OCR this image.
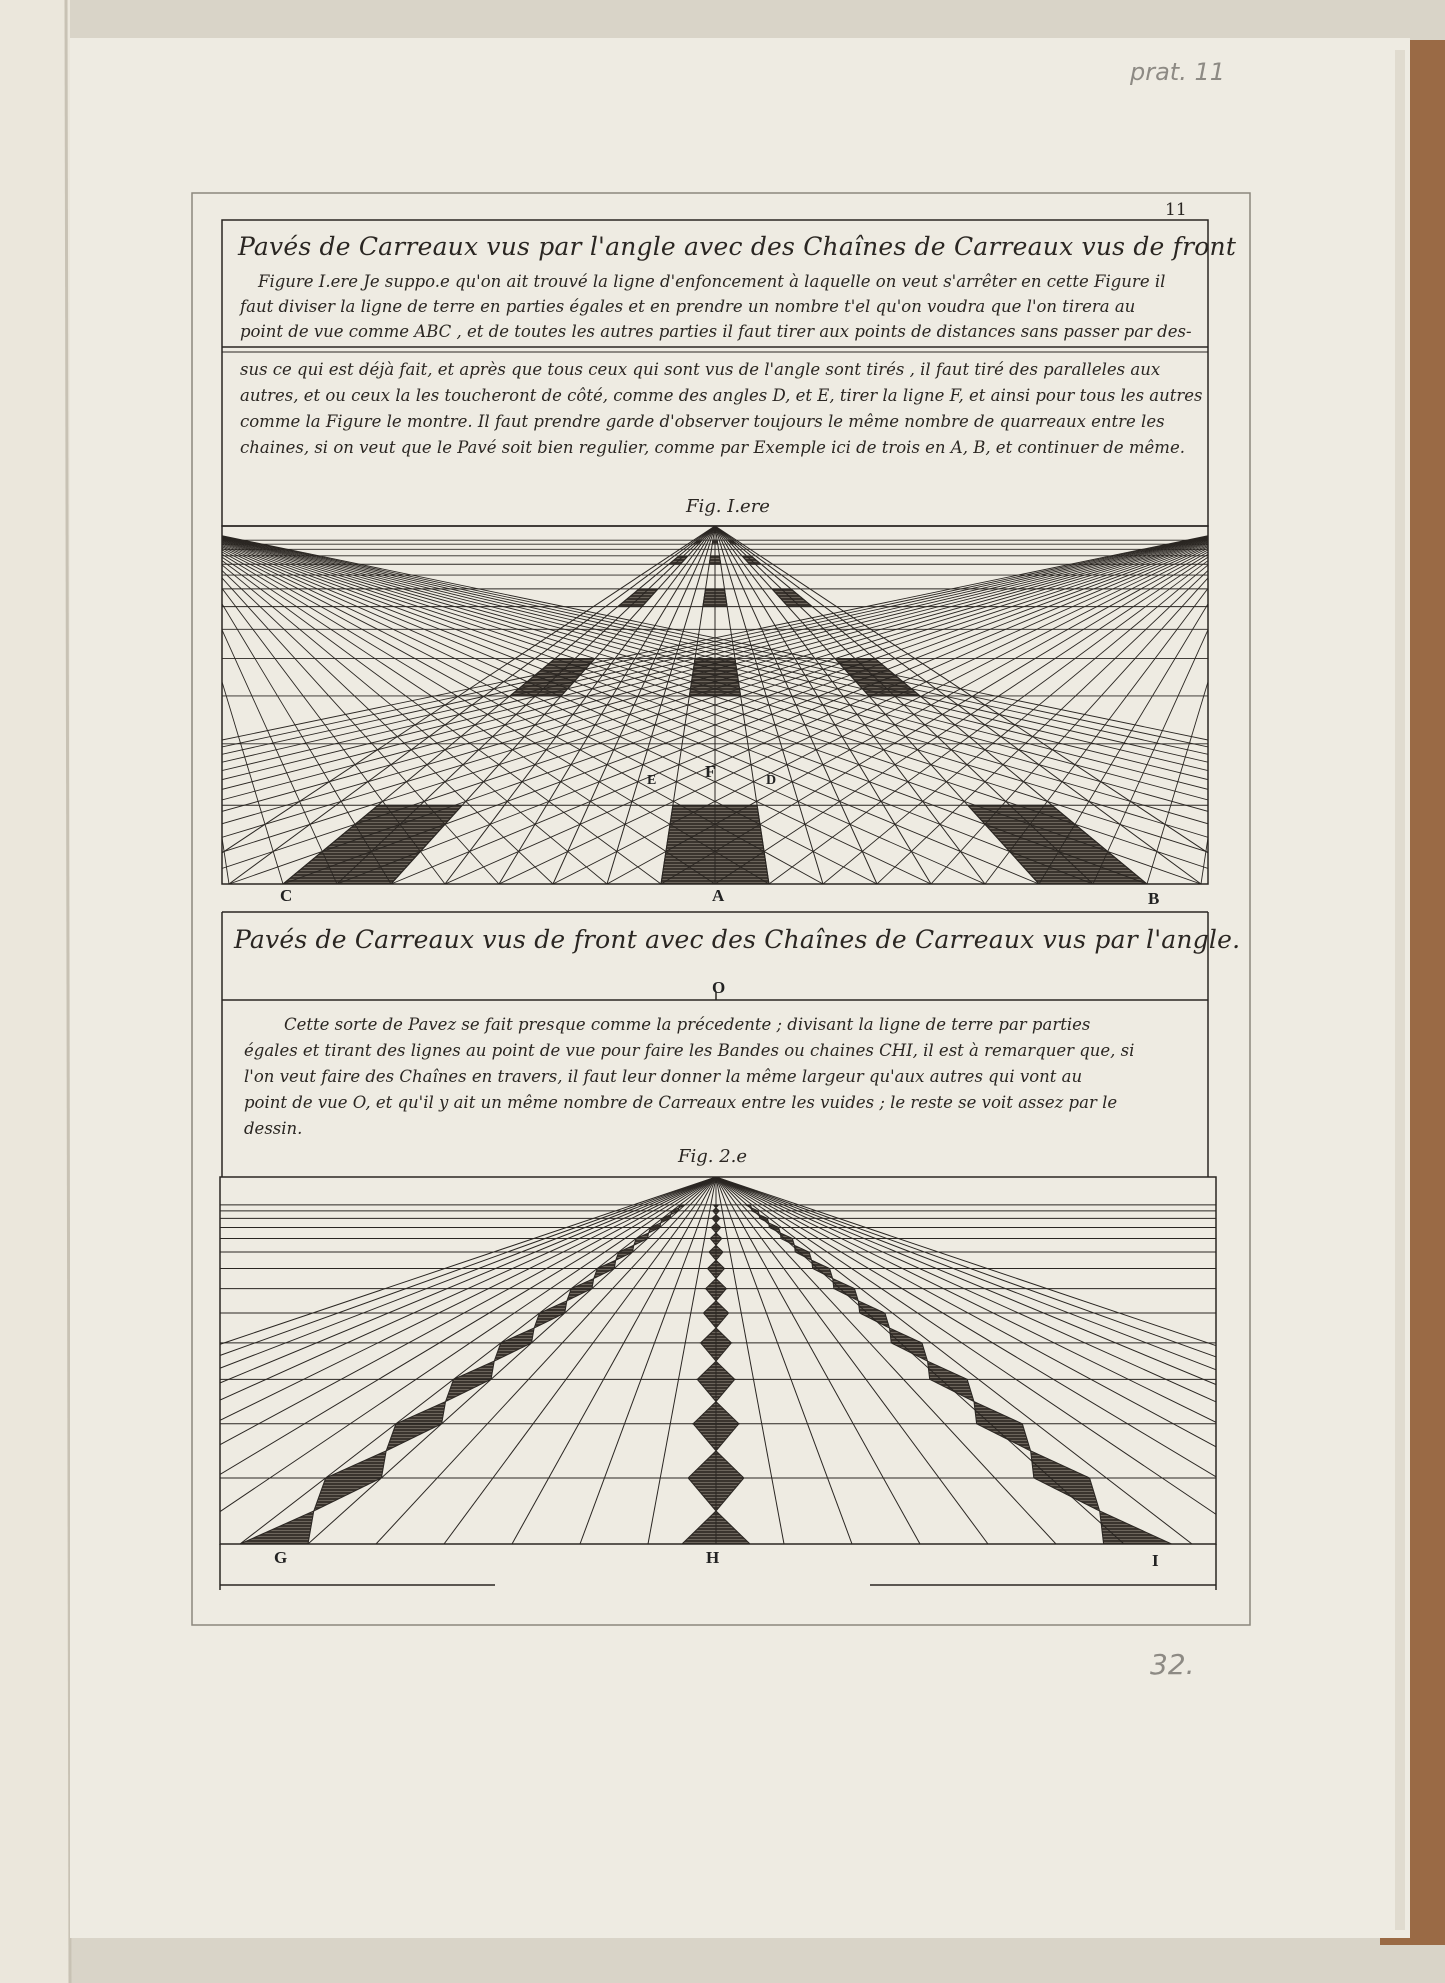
prat. 11
32.
11
Pavés de Carreaux vus par l'angle avec des Chaînes de Carreaux vus de front
Figure I.ere Je suppo.e qu'on ait trouvé la ligne d'enfoncement à laquelle on veut s'arrêter en cette Figure il
faut diviser la ligne de terre en parties égales et en prendre un nombre t'el qu'on voudra que l'on tirera au
point de vue comme ABC , et de toutes les autres parties il faut tirer aux points de distances sans passer par des-
sus ce qui est déjà fait, et après que tous ceux qui sont vus de l'angle sont tirés , il faut tiré des paralleles aux
autres, et ou ceux la les toucheront de côté, comme des angles D, et E, tirer la ligne F, et ainsi pour tous les autres
comme la Figure le montre. Il faut prendre garde d'observer toujours le même nombre de quarreaux entre les
chaines, si on veut que le Pavé soit bien regulier, comme par Exemple ici de trois en A, B, et continuer de même.
Fig. I.ere
E	F	D
C	A	B
Pavés de Carreaux vus de front avec des Chaînes de Carreaux vus par l'angle.
O
Cette sorte de Pavez se fait presque comme la précedente ; divisant la ligne de terre par parties
égales et tirant des lignes au point de vue pour faire les Bandes ou chaines CHI, il est à remarquer que, si
l'on veut faire des Chaînes en travers, il faut leur donner la même largeur qu'aux autres qui vont au
point de vue O, et qu'il y ait un même nombre de Carreaux entre les vuides ; le reste se voit assez par le
dessin.
Fig. 2.e
G	H	I
